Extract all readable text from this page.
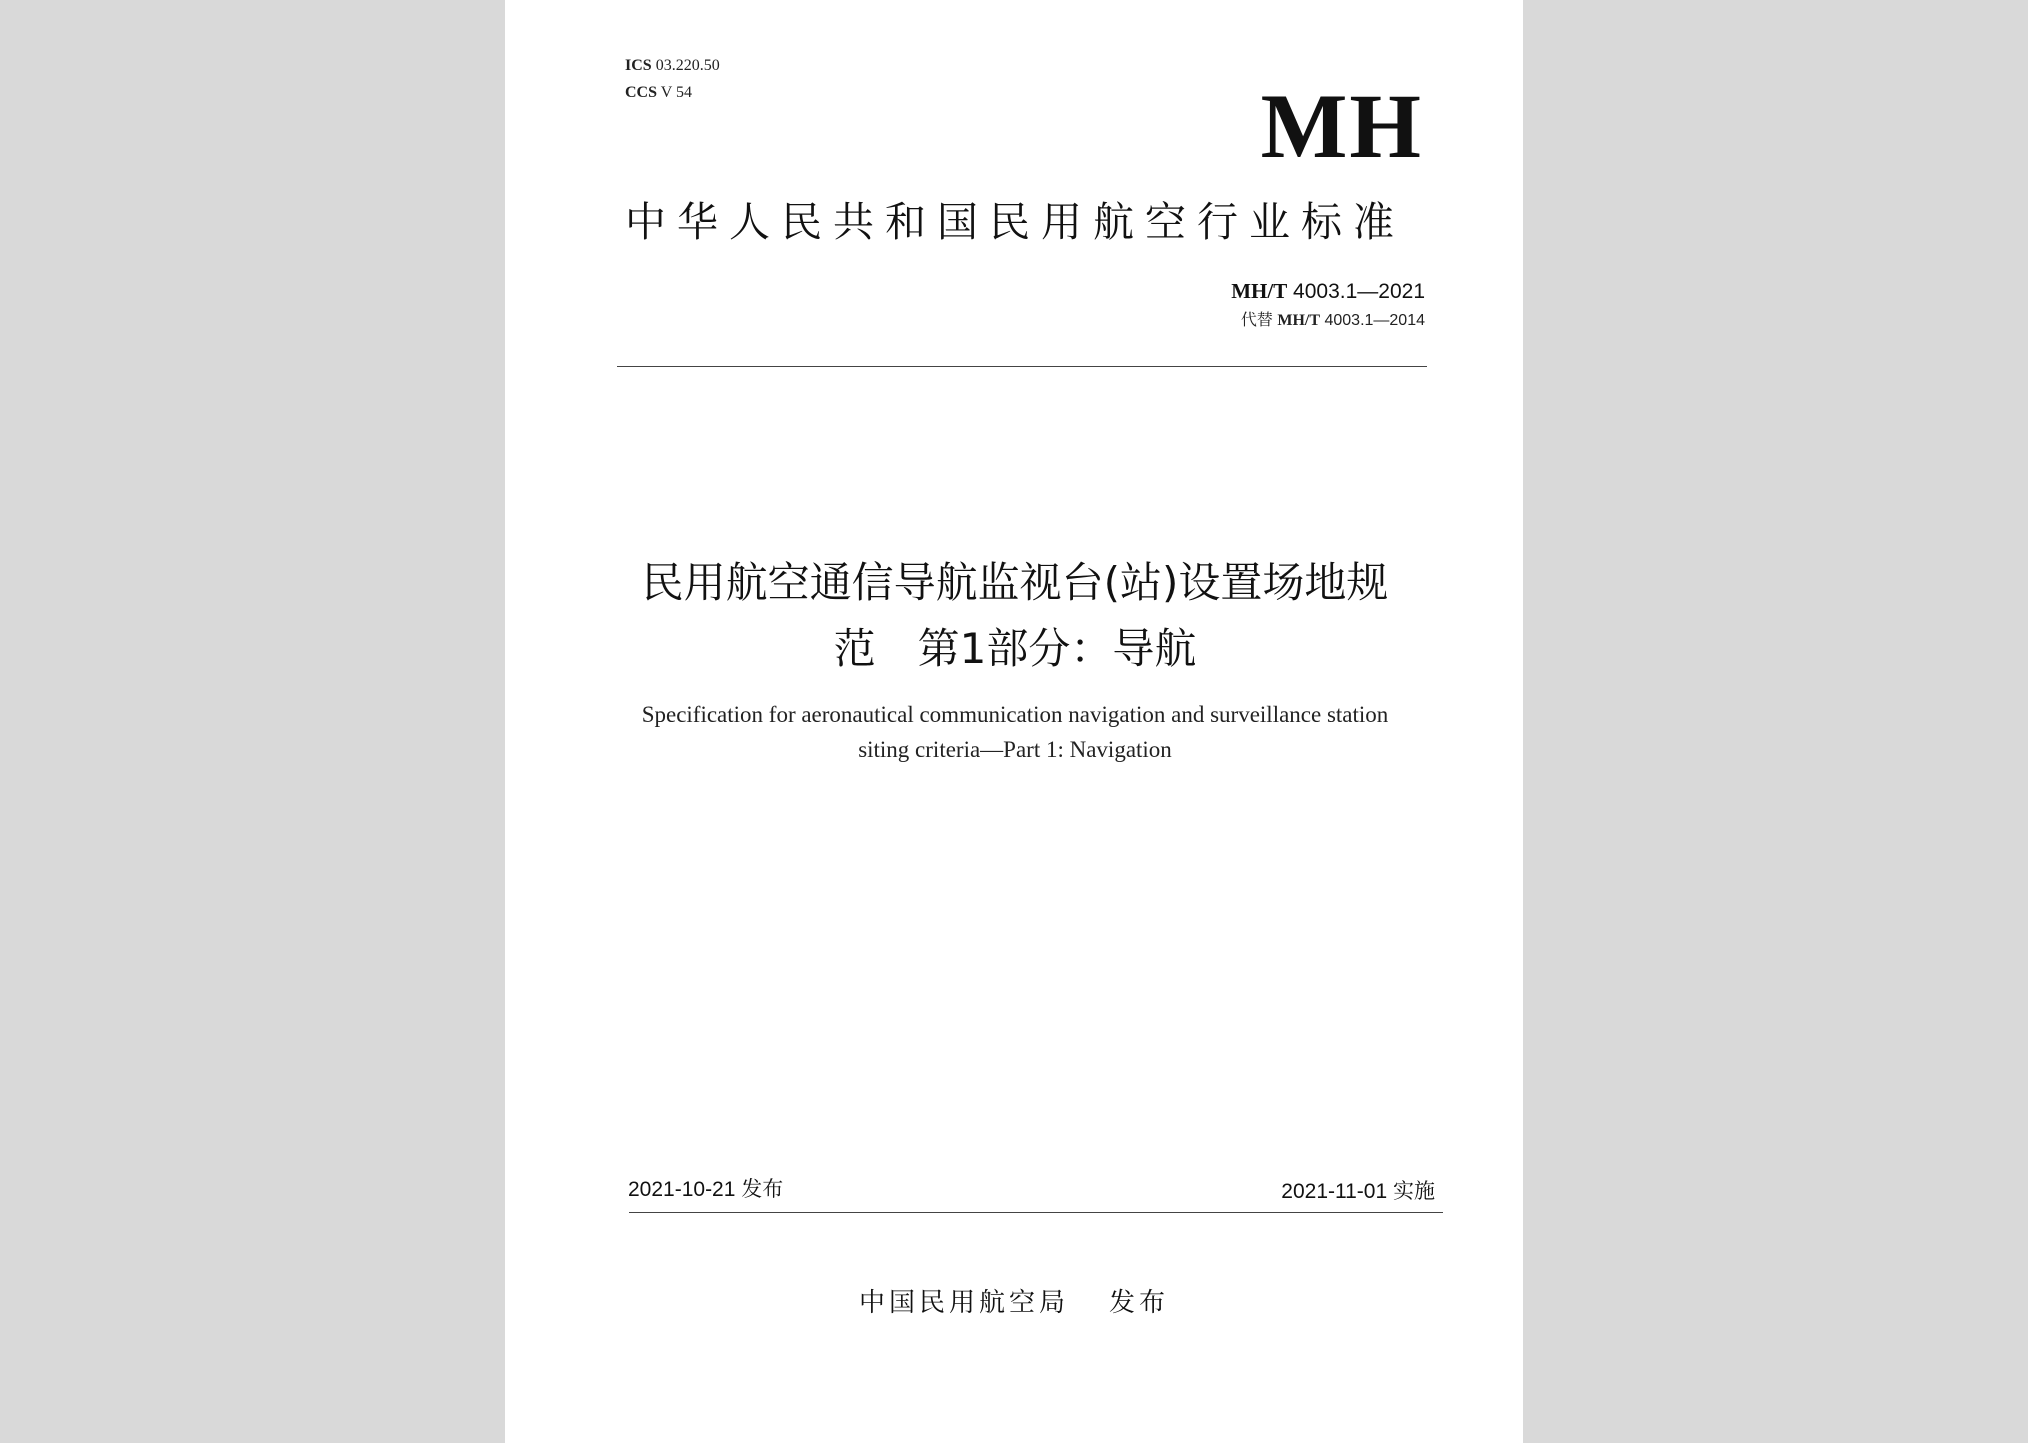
ICS 03.220.50
CCS V 54	MH
中华人民共和国民用航空行业标准
MH/T 4003.1—2021
代替 MH/T 4003.1—2014
民用航空通信导航监视台(站)设置场地规
范　第1部分：导航
Specification for aeronautical communication navigation and surveillance station
siting criteria—Part 1: Navigation
2021-10-21 发布	2021-11-01 实施
中国民用航空局 发布
